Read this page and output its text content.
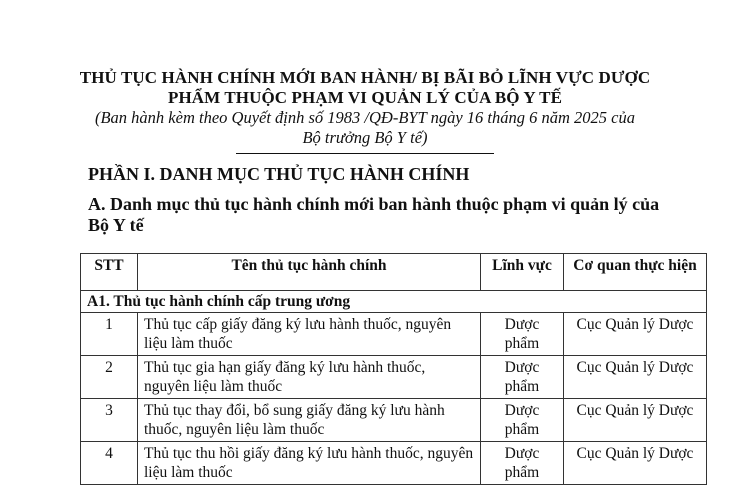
THỦ TỤC HÀNH CHÍNH MỚI BAN HÀNH/ BỊ BÃI BỎ LĨNH VỰC DƯỢC
PHẨM THUỘC PHẠM VI QUẢN LÝ CỦA BỘ Y TẾ
(Ban hành kèm theo Quyết định số 1983 /QĐ-BYT ngày 16 tháng 6 năm 2025 của
Bộ trưởng Bộ Y tế)
PHẦN I. DANH MỤC THỦ TỤC HÀNH CHÍNH
A. Danh mục thủ tục hành chính mới ban hành thuộc phạm vi quản lý của Bộ Y tế
STT	Tên thủ tục hành chính	Lĩnh vực	Cơ quan thực hiện
A1. Thủ tục hành chính cấp trung ương			
1	Thủ tục cấp giấy đăng ký lưu hành thuốc, nguyên liệu làm thuốc	Dược phẩm	Cục Quản lý Dược
2	Thủ tục gia hạn giấy đăng ký lưu hành thuốc, nguyên liệu làm thuốc	Dược phẩm	Cục Quản lý Dược
3	Thủ tục thay đổi, bổ sung giấy đăng ký lưu hành thuốc, nguyên liệu làm thuốc	Dược phẩm	Cục Quản lý Dược
4	Thủ tục thu hồi giấy đăng ký lưu hành thuốc, nguyên liệu làm thuốc	Dược phẩm	Cục Quản lý Dược
